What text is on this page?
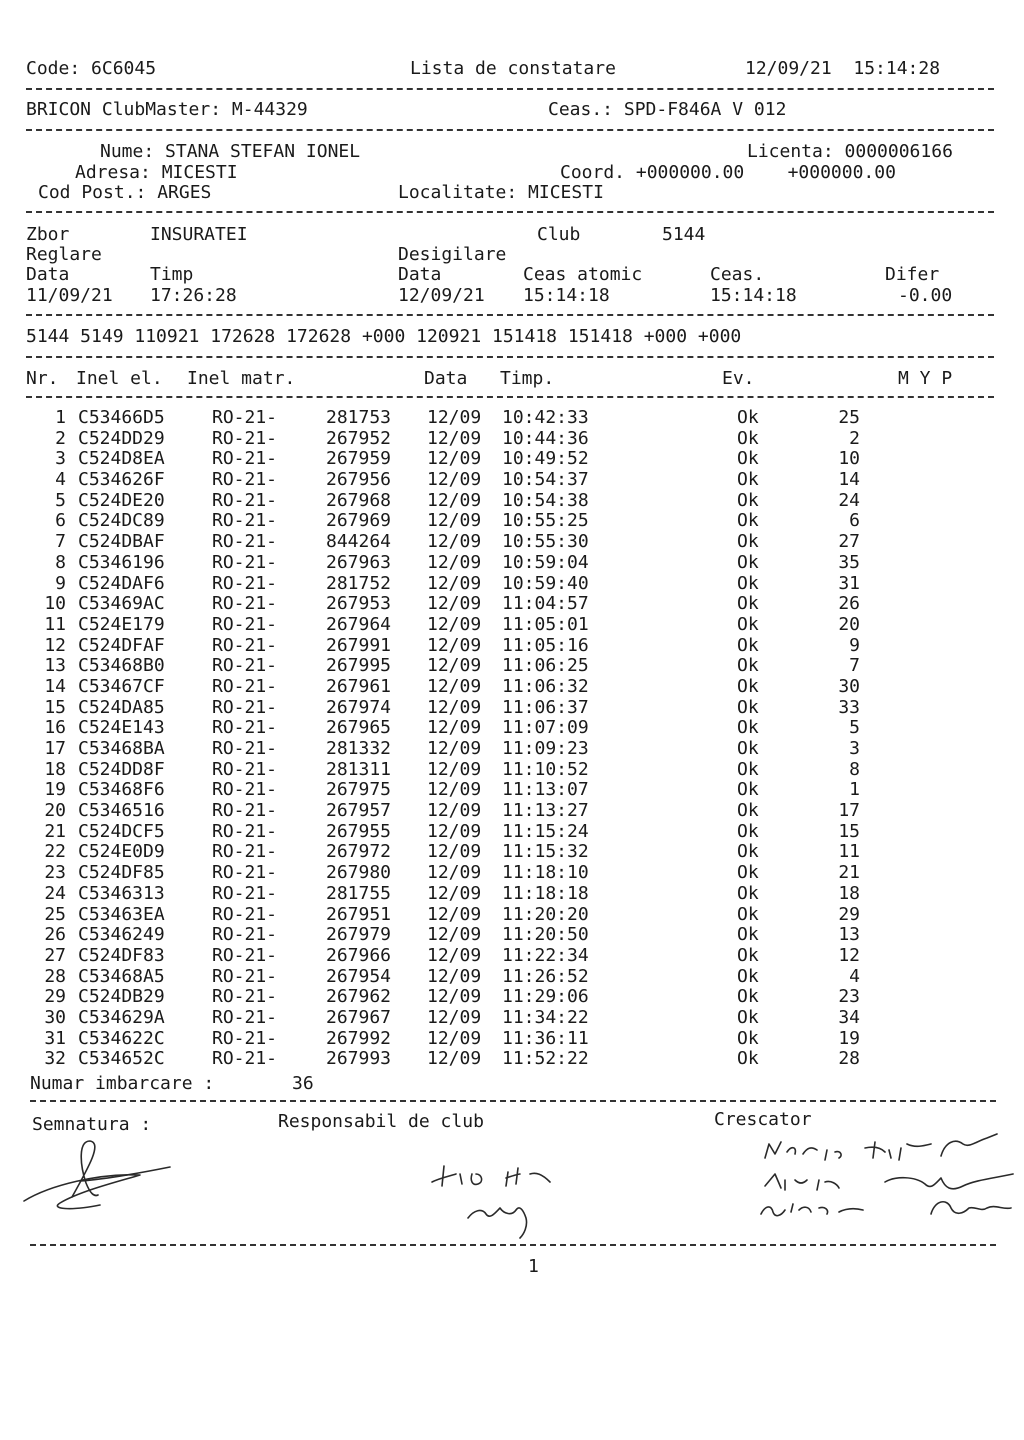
Code: 6C6045	Lista de constatare	12/09/21  15:14:28
BRICON ClubMaster: M-44329	Ceas.: SPD-F846A V 012
Nume: STANA STEFAN IONEL	Licenta: 0000006166
Adresa: MICESTI	Coord. +000000.00    +000000.00
Cod Post.: ARGES	Localitate: MICESTI
Zbor	INSURATEI	Club	5144
Reglare	Desigilare
Data	Timp	Data	Ceas atomic	Ceas.	Difer
11/09/21 17:26:28	12/09/21 15:14:18	15:14:18	-0.00
5144 5149 110921 172628 172628 +000 120921 151418 151418 +000 +000
Nr. Inel el. Inel matr.	Data Timp.	Ev.	M Y P
1 C53466D5	RO-21-	281753 12/09 10:42:33	Ok	25
2 C524DD29	RO-21-	267952 12/09 10:44:36	Ok	2
3 C524D8EA	RO-21-	267959 12/09 10:49:52	Ok	10
4 C534626F	RO-21-	267956 12/09 10:54:37	Ok	14
5 C524DE20	RO-21-	267968 12/09 10:54:38	Ok	24
6 C524DC89	RO-21-	267969 12/09 10:55:25	Ok	6
7 C524DBAF	RO-21-	844264 12/09 10:55:30	Ok	27
8 C5346196	RO-21-	267963 12/09 10:59:04	Ok	35
9 C524DAF6	RO-21-	281752 12/09 10:59:40	Ok	31
10 C53469AC	RO-21-	267953 12/09 11:04:57	Ok	26
11 C524E179	RO-21-	267964 12/09 11:05:01	Ok	20
12 C524DFAF	RO-21-	267991 12/09 11:05:16	Ok	9
13 C53468B0	RO-21-	267995 12/09 11:06:25	Ok	7
14 C53467CF	RO-21-	267961 12/09 11:06:32	Ok	30
15 C524DA85	RO-21-	267974 12/09 11:06:37	Ok	33
16 C524E143	RO-21-	267965 12/09 11:07:09	Ok	5
17 C53468BA	RO-21-	281332 12/09 11:09:23	Ok	3
18 C524DD8F	RO-21-	281311 12/09 11:10:52	Ok	8
19 C53468F6	RO-21-	267975 12/09 11:13:07	Ok	1
20 C5346516	RO-21-	267957 12/09 11:13:27	Ok	17
21 C524DCF5	RO-21-	267955 12/09 11:15:24	Ok	15
22 C524E0D9	RO-21-	267972 12/09 11:15:32	Ok	11
23 C524DF85	RO-21-	267980 12/09 11:18:10	Ok	21
24 C5346313	RO-21-	281755 12/09 11:18:18	Ok	18
25 C53463EA	RO-21-	267951 12/09 11:20:20	Ok	29
26 C5346249	RO-21-	267979 12/09 11:20:50	Ok	13
27 C524DF83	RO-21-	267966 12/09 11:22:34	Ok	12
28 C53468A5	RO-21-	267954 12/09 11:26:52	Ok	4
29 C524DB29	RO-21-	267962 12/09 11:29:06	Ok	23
30 C534629A	RO-21-	267967 12/09 11:34:22	Ok	34
31 C534622C	RO-21-	267992 12/09 11:36:11	Ok	19
32 C534652C	RO-21-	267993 12/09 11:52:22	Ok	28
Numar imbarcare :	36
Semnatura :	Responsabil de club	Crescator
1
